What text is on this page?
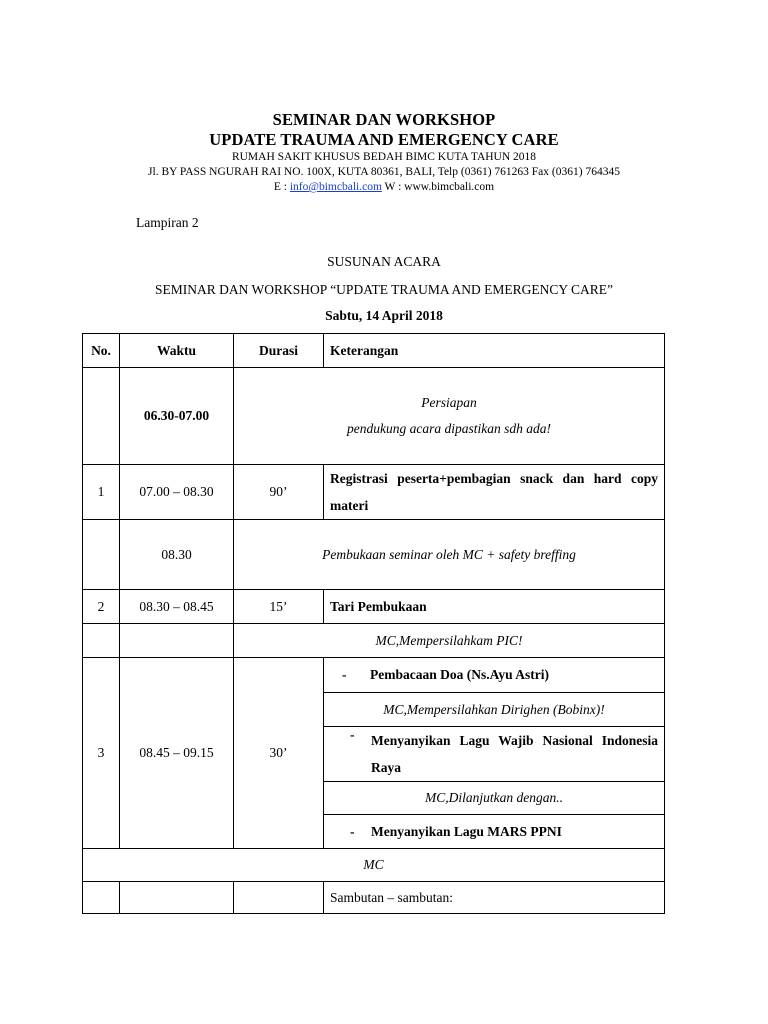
SEMINAR DAN WORKSHOP
UPDATE TRAUMA AND EMERGENCY CARE
RUMAH SAKIT KHUSUS BEDAH BIMC KUTA TAHUN 2018
Jl. BY PASS NGURAH RAI NO. 100X, KUTA 80361, BALI, Telp (0361) 761263 Fax (0361) 764345
E : info@bimcbali.com W : www.bimcbali.com
Lampiran 2
SUSUNAN ACARA
SEMINAR DAN WORKSHOP “UPDATE TRAUMA AND EMERGENCY CARE”
Sabtu, 14 April 2018
No.	Waktu	Durasi	Keterangan
	06.30-07.00	Persiapan
pendukung acara dipastikan sdh ada!	

1	07.00 – 08.30	90’	Registrasi peserta+pembagian snack dan hard copy materi
	08.30	Pembukaan seminar oleh MC + safety breffing	
2	08.30 – 08.45	15’	Tari Pembukaan
		MC,Mempersilahkam PIC!	
3	08.45 – 09.15	30’	- Pembacaan Doa (Ns.Ayu Astri)
			MC,Mempersilahkan Dirighen (Bobinx)!

			- Menyanyikan Lagu Wajib Nasional Indonesia Raya

			MC,Dilanjutkan dengan..
			- Menyanyikan Lagu MARS PPNI
MC			
			Sambutan – sambutan:
